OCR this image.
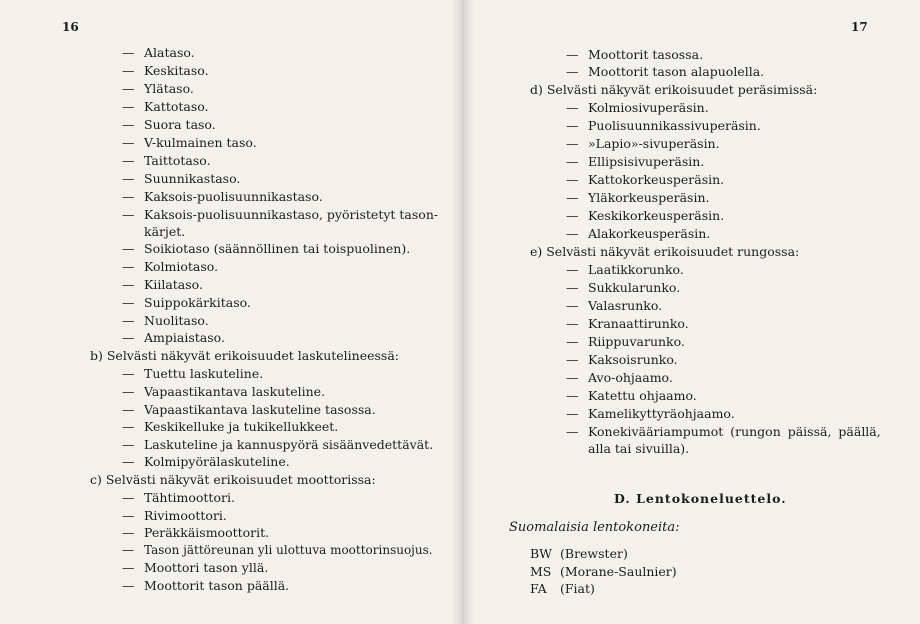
16	17
— Alataso.
— Keskitaso.
— Ylätaso.
— Kattotaso.
— Suora taso.
— V-kulmainen taso.
— Taittotaso.
— Suunnikastaso.
— Kaksois-puolisuunnikastaso.
— Kaksois-puolisuunnikastaso, pyöristetyt tason-
kärjet.
— Soikiotaso (säännöllinen tai toispuolinen).
— Kolmiotaso.
— Kiilataso.
— Suippokärkitaso.
— Nuolitaso.
— Ampiaistaso.
b) Selvästi näkyvät erikoisuudet laskutelineessä:
— Tuettu laskuteline.
— Vapaastikantava laskuteline.
— Vapaastikantava laskuteline tasossa.
— Keskikelluke ja tukikellukkeet.
— Laskuteline ja kannuspyörä sisäänvedettävät.
— Kolmipyörälaskuteline.
c) Selvästi näkyvät erikoisuudet moottorissa:
— Tähtimoottori.
— Rivimoottori.
— Peräkkäismoottorit.
— Tason jättöreunan yli ulottuva moottorinsuojus.
— Moottori tason yllä.
— Moottorit tason päällä.
— Moottorit tasossa.
— Moottorit tason alapuolella.
d) Selvästi näkyvät erikoisuudet peräsimissä:
— Kolmiosivuperäsin.
— Puolisuunnikassivuperäsin.
— »Lapio»-sivuperäsin.
— Ellipsisivuperäsin.
— Kattokorkeusperäsin.
— Yläkorkeusperäsin.
— Keskikorkeusperäsin.
— Alakorkeusperäsin.
e) Selvästi näkyvät erikoisuudet rungossa:
— Laatikkorunko.
— Sukkularunko.
— Valasrunko.
— Kranaattirunko.
— Riippuvarunko.
— Kaksoisrunko.
— Avo-ohjaamo.
— Katettu ohjaamo.
— Kamelikyttyräohjaamo.
— Konekivääriampumot (rungon päissä, päällä,
alla tai sivuilla).
D. Lentokoneluettelo.
Suomalaisia lentokoneita:
BW (Brewster)
MS (Morane-Saulnier)
FA (Fiat)
